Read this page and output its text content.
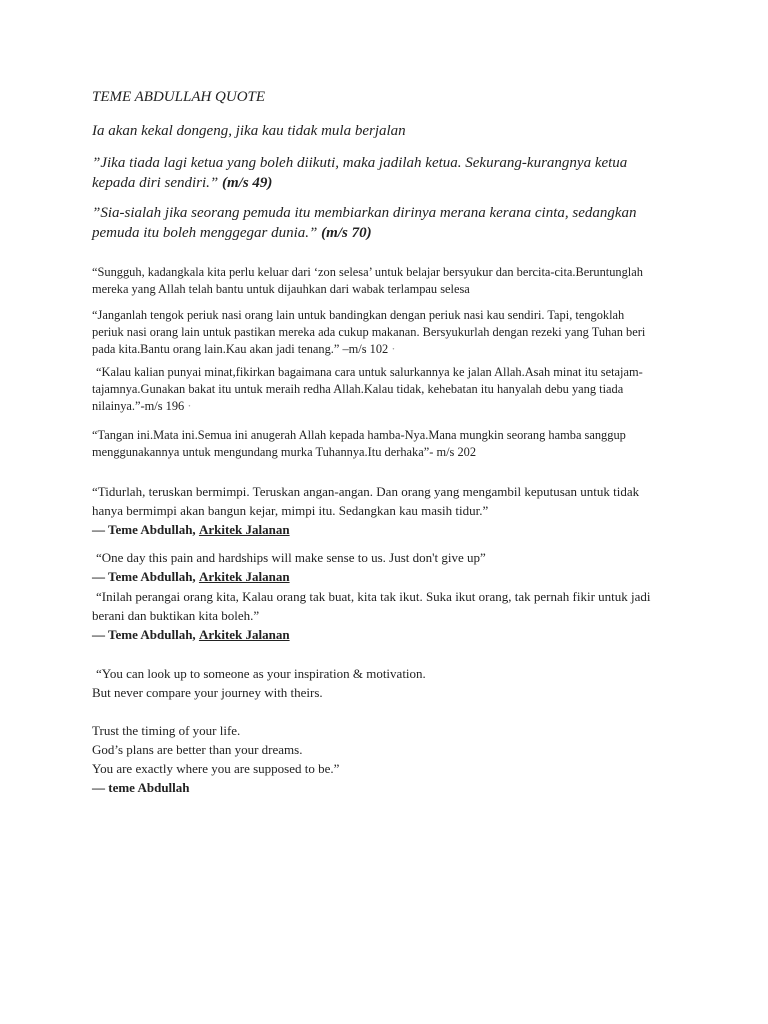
TEME ABDULLAH QUOTE
Ia akan kekal dongeng, jika kau tidak mula berjalan
”Jika tiada lagi ketua yang boleh diikuti, maka jadilah ketua. Sekurang-kurangnya ketua
kepada diri sendiri.” (m/s 49)
”Sia-sialah jika seorang pemuda itu membiarkan dirinya merana kerana cinta, sedangkan
pemuda itu boleh menggegar dunia.” (m/s 70)
“Sungguh, kadangkala kita perlu keluar dari ‘zon selesa’ untuk belajar bersyukur dan bercita-cita.Beruntunglah
mereka yang Allah telah bantu untuk dijauhkan dari wabak terlampau selesa
“Janganlah tengok periuk nasi orang lain untuk bandingkan dengan periuk nasi kau sendiri. Tapi, tengoklah
periuk nasi orang lain untuk pastikan mereka ada cukup makanan. Bersyukurlah dengan rezeki yang Tuhan beri
pada kita.Bantu orang lain.Kau akan jadi tenang.” –m/s 102 ·
“Kalau kalian punyai minat,fikirkan bagaimana cara untuk salurkannya ke jalan Allah.Asah minat itu setajam-
tajamnya.Gunakan bakat itu untuk meraih redha Allah.Kalau tidak, kehebatan itu hanyalah debu yang tiada
nilainya.”-m/s 196 ·
“Tangan ini.Mata ini.Semua ini anugerah Allah kepada hamba-Nya.Mana mungkin seorang hamba sanggup
menggunakannya untuk mengundang murka Tuhannya.Itu derhaka”- m/s 202
“Tidurlah, teruskan bermimpi. Teruskan angan-angan. Dan orang yang mengambil keputusan untuk tidak
hanya bermimpi akan bangun kejar, mimpi itu. Sedangkan kau masih tidur.”
— Teme Abdullah, Arkitek Jalanan
“One day this pain and hardships will make sense to us. Just don't give up”
— Teme Abdullah, Arkitek Jalanan
“Inilah perangai orang kita, Kalau orang tak buat, kita tak ikut. Suka ikut orang, tak pernah fikir untuk jadi
berani dan buktikan kita boleh.”
— Teme Abdullah, Arkitek Jalanan
“You can look up to someone as your inspiration & motivation.
But never compare your journey with theirs.
Trust the timing of your life.
God’s plans are better than your dreams.
You are exactly where you are supposed to be.”
— teme Abdullah
